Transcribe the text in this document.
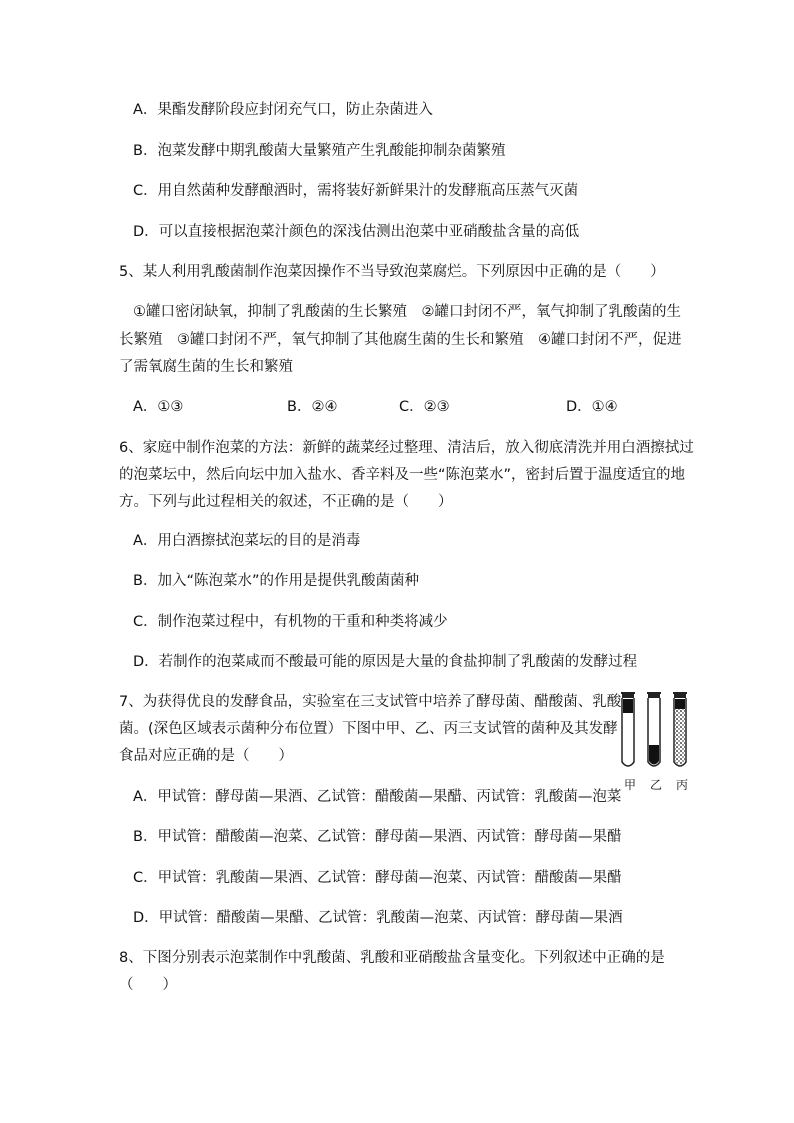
A．果酯发酵阶段应封闭充气口，防止杂菌进入
B．泡菜发酵中期乳酸菌大量繁殖产生乳酸能抑制杂菌繁殖
C．用自然菌种发酵酿酒时，需将装好新鲜果汁的发酵瓶高压蒸气灭菌
D．可以直接根据泡菜汁颜色的深浅估测出泡菜中亚硝酸盐含量的高低
5、某人利用乳酸菌制作泡菜因操作不当导致泡菜腐烂。下列原因中正确的是（　　）
①罐口密闭缺氧，抑制了乳酸菌的生长繁殖　②罐口封闭不严，氧气抑制了乳酸菌的生
长繁殖　③罐口封闭不严，氧气抑制了其他腐生菌的生长和繁殖　④罐口封闭不严，促进
了需氧腐生菌的生长和繁殖
A．①③	B．②④	C．②③	D．①④
6、家庭中制作泡菜的方法：新鲜的蔬菜经过整理、清洁后，放入彻底清洗并用白酒擦拭过
的泡菜坛中，然后向坛中加入盐水、香辛料及一些“陈泡菜水”，密封后置于温度适宜的地
方。下列与此过程相关的叙述，不正确的是（　　）
A．用白酒擦拭泡菜坛的目的是消毒
B．加入“陈泡菜水”的作用是提供乳酸菌菌种
C．制作泡菜过程中，有机物的干重和种类将减少
D．若制作的泡菜咸而不酸最可能的原因是大量的食盐抑制了乳酸菌的发酵过程
7、为获得优良的发酵食品，实验室在三支试管中培养了酵母菌、醋酸菌、乳酸
菌。(深色区域表示菌种分布位置）下图中甲、乙、丙三支试管的菌种及其发酵
食品对应正确的是（　　）
甲 乙 丙
A．甲试管：酵母菌—果酒、乙试管：醋酸菌—果醋、丙试管：乳酸菌—泡菜
B．甲试管：醋酸菌—泡菜、乙试管：酵母菌—果酒、丙试管：酵母菌—果醋
C．甲试管：乳酸菌—果酒、乙试管：酵母菌—泡菜、丙试管：醋酸菌—果醋
D．甲试管：醋酸菌—果醋、乙试管：乳酸菌—泡菜、丙试管：酵母菌—果酒
8、下图分别表示泡菜制作中乳酸菌、乳酸和亚硝酸盐含量变化。下列叙述中正确的是
（　　）
